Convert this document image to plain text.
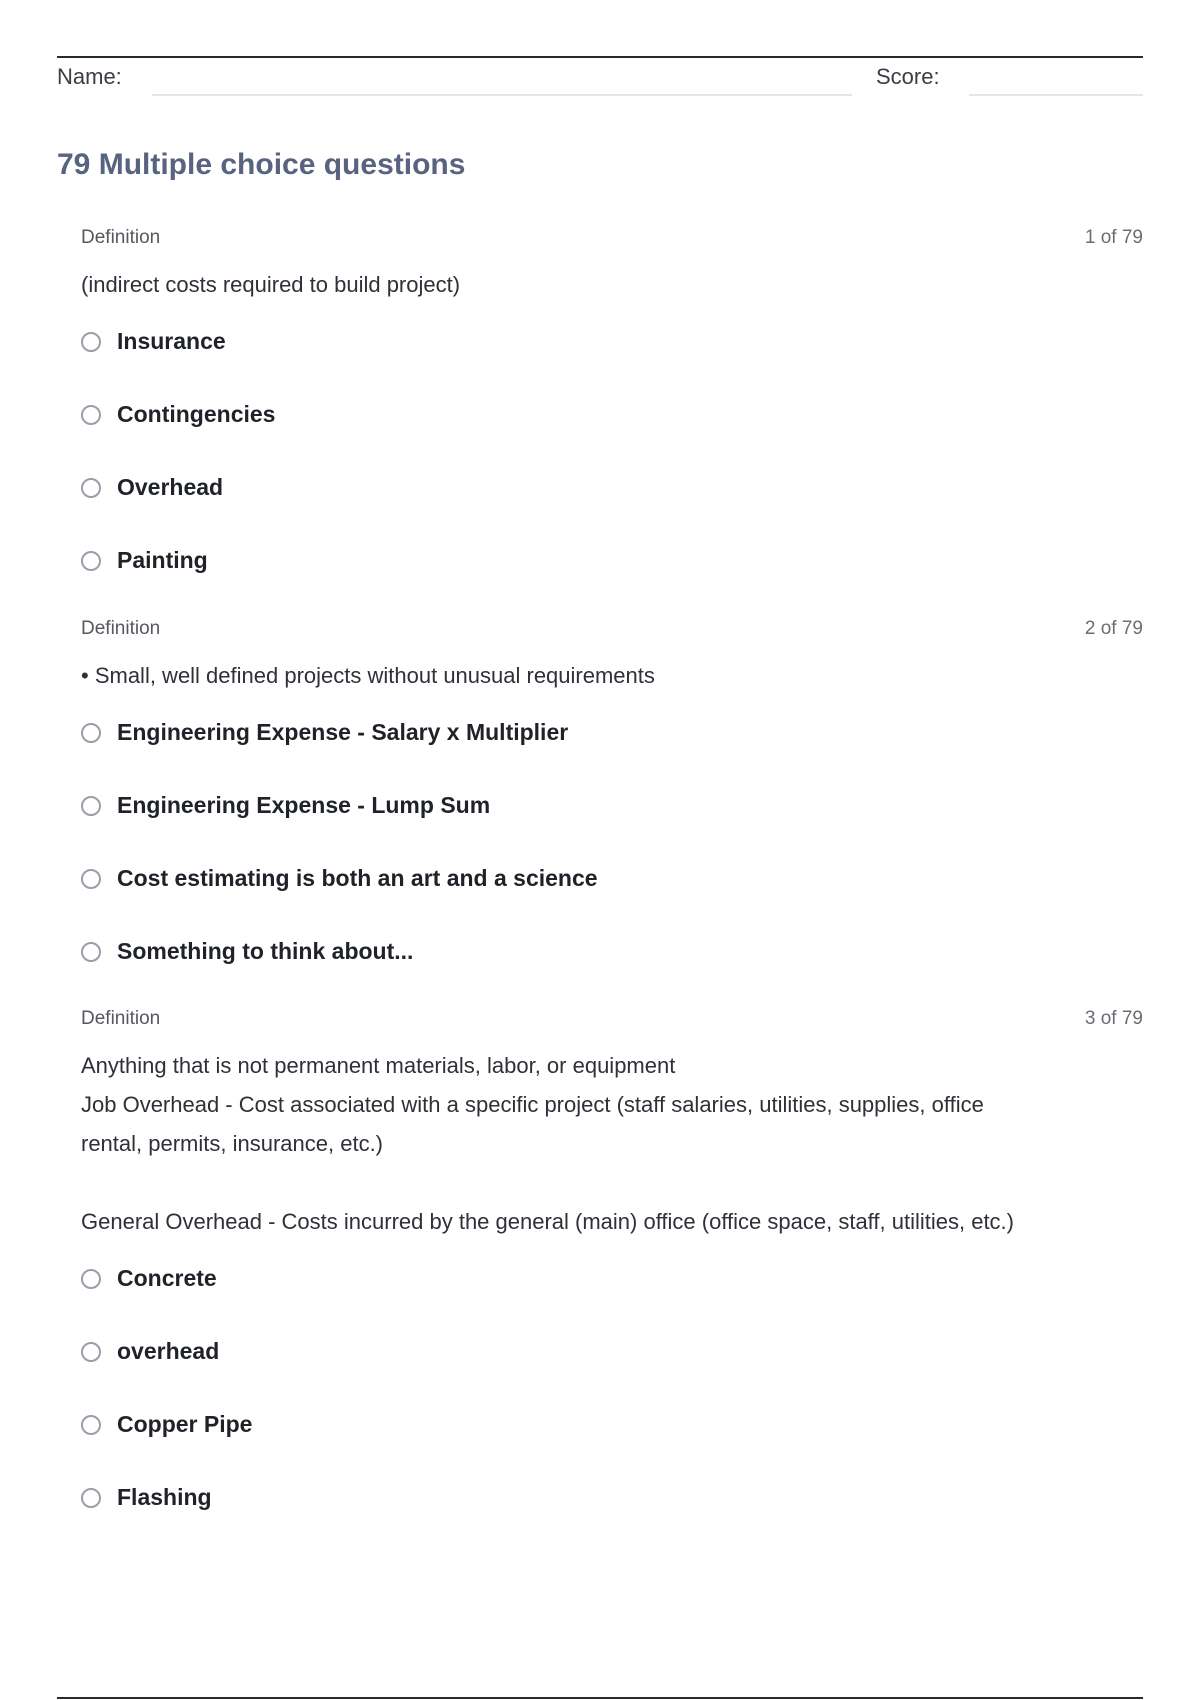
Name:	Score:
79 Multiple choice questions
Definition	1 of 79
(indirect costs required to build project)
Insurance
Contingencies
Overhead
Painting
Definition	2 of 79
• Small, well defined projects without unusual requirements
Engineering Expense - Salary x Multiplier
Engineering Expense - Lump Sum
Cost estimating is both an art and a science
Something to think about...
Definition	3 of 79
Anything that is not permanent materials, labor, or equipment
Job Overhead - Cost associated with a specific project (staff salaries, utilities, supplies, office
rental, permits, insurance, etc.)

General Overhead - Costs incurred by the general (main) office (office space, staff, utilities, etc.)
Concrete
overhead
Copper Pipe
Flashing
